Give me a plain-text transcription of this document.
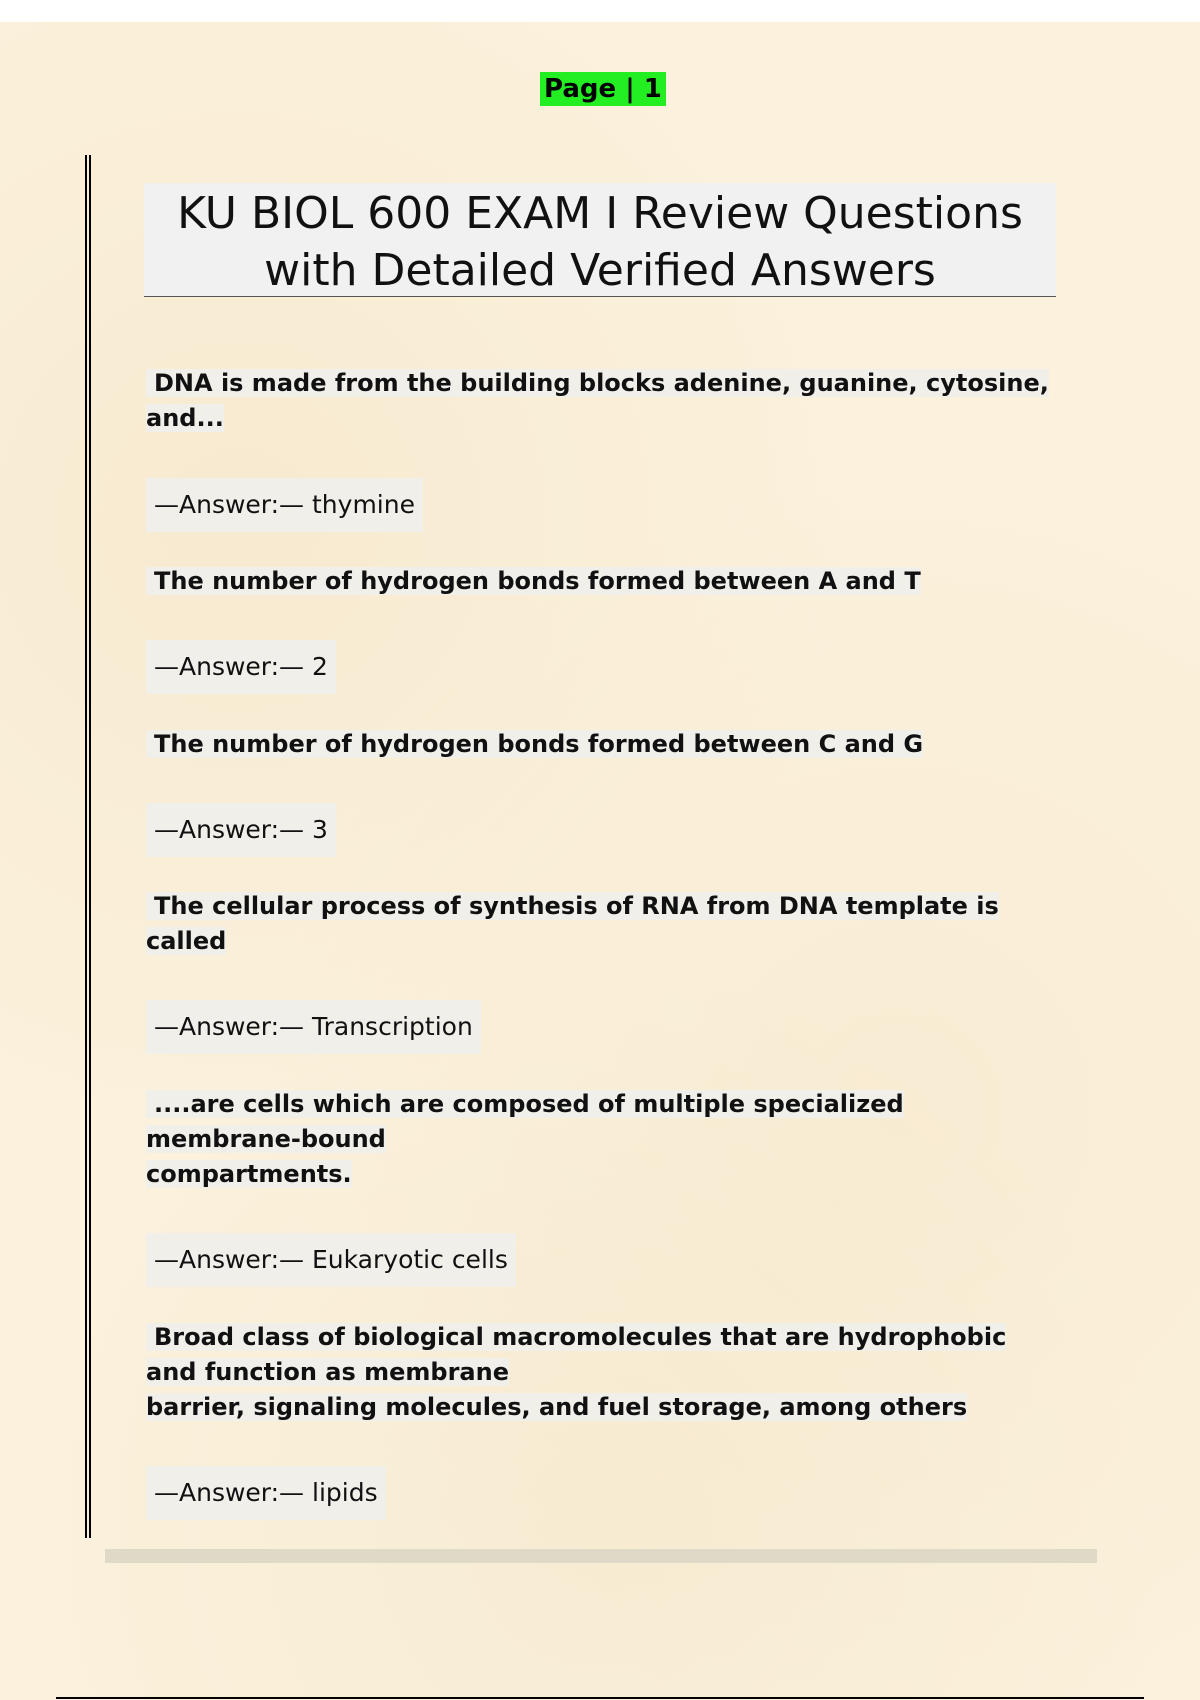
Page | 1
KU BIOL 600 EXAM I Review Questions with Detailed Verified Answers

DNA is made from the building blocks adenine, guanine, cytosine,
and...

—Answer:— thymine

The number of hydrogen bonds formed between A and T

—Answer:— 2

The number of hydrogen bonds formed between C and G

—Answer:— 3

The cellular process of synthesis of RNA from DNA template is
called

—Answer:— Transcription

....are cells which are composed of multiple specialized
membrane-bound
compartments.

—Answer:— Eukaryotic cells

Broad class of biological macromolecules that are hydrophobic
and function as membrane
barrier, signaling molecules, and fuel storage, among others

—Answer:— lipids
